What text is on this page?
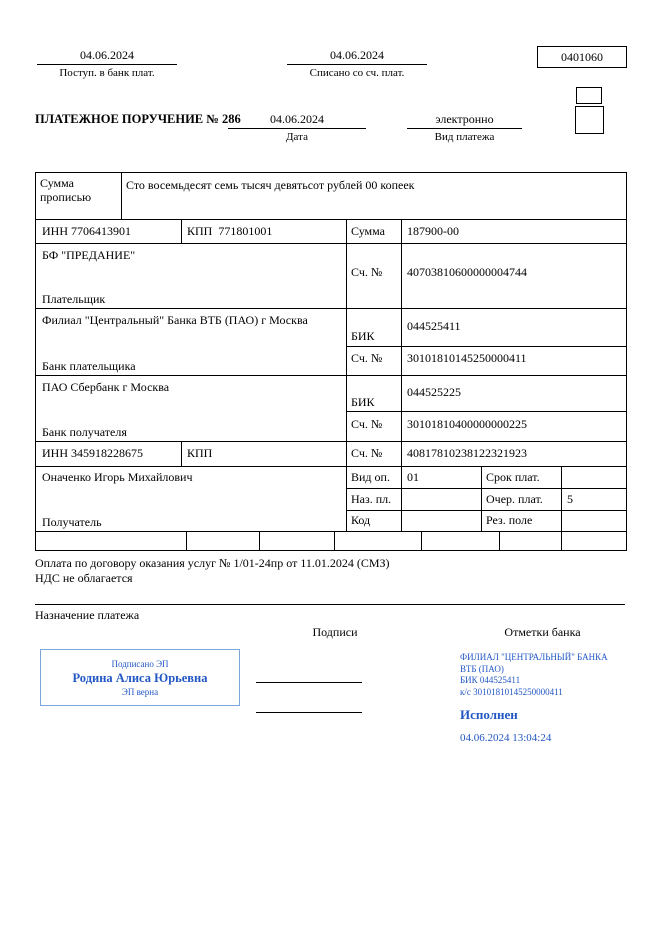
04.06.2024
Поступ. в банк плат.
04.06.2024
Списано со сч. плат.
0401060
ПЛАТЕЖНОЕ ПОРУЧЕНИЕ № 286	04.06.2024
Дата
электронно
Вид платежа
Сумма
прописью
Сто восемьдесят семь тысяч девятьсот рублей 00 копеек
ИНН 7706413901	КПП  771801001	Сумма 187900-00
БФ "ПРЕДАНИЕ"
Плательщик
Сч. № 40703810600000004744
Филиал "Центральный" Банка ВТБ (ПАО) г Москва
Банк плательщика
БИК
044525411
Сч. № 30101810145250000411
ПАО Сбербанк г Москва
Банк получателя
БИК
044525225
Сч. № 30101810400000000225
ИНН 345918228675	КПП	Сч. № 40817810238122321923
Оначенко Игорь Михайлович
Получатель
Вид оп. 01	Срок плат.
Наз. пл.	Очер. плат. 5
Код	Рез. поле
Оплата по договору оказания услуг № 1/01-24пр от 11.01.2024 (СМЗ)
НДС не облагается
Назначение платежа
Подписи	Отметки банка
Подписано ЭП
Родина Алиса Юрьевна
ЭП верна
ФИЛИАЛ "ЦЕНТРАЛЬНЫЙ" БАНКА
ВТБ (ПАО)
БИК 044525411
к/с 30101810145250000411
Исполнен
04.06.2024 13:04:24
